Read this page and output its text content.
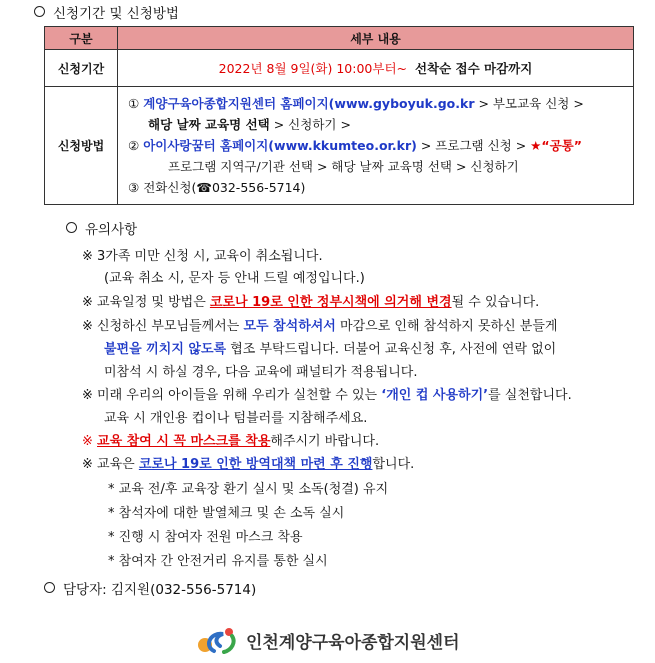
신청기간 및 신청방법
구분	세부 내용
신청기간	2022년 8월 9일(화) 10:00부터~ 선착순 접수 마감까지
신청방법	① 계양구육아종합지원센터 홈페이지(www.gyboyuk.go.kr > 부모교육 신청 >
해당 날짜 교육명 선택 > 신청하기 >
② 아이사랑꿈터 홈페이지(www.kkumteo.or.kr) > 프로그램 신청 > ★“공통”
프로그램 지역구/기관 선택 > 해당 날짜 교육명 선택 > 신청하기
③ 전화신청(☎032-556-5714)
유의사항
※ 3가족 미만 신청 시, 교육이 취소됩니다.
(교육 취소 시, 문자 등 안내 드릴 예정입니다.)
※ 교육일정 및 방법은 코로나 19로 인한 정부시책에 의거해 변경될 수 있습니다.
※ 신청하신 부모님들께서는 모두 참석하셔서 마감으로 인해 참석하지 못하신 분들게
불편을 끼치지 않도록 협조 부탁드립니다. 더불어 교육신청 후, 사전에 연락 없이
미참석 시 하실 경우, 다음 교육에 패널티가 적용됩니다.
※ 미래 우리의 아이들을 위해 우리가 실천할 수 있는 ‘개인 컵 사용하기’를 실천합니다.
교육 시 개인용 컵이나 텀블러를 지참해주세요.
※ 교육 참여 시 꼭 마스크를 착용해주시기 바랍니다.
※ 교육은 코로나 19로 인한 방역대책 마련 후 진행합니다.
* 교육 전/후 교육장 환기 실시 및 소독(청결) 유지
* 참석자에 대한 발열체크 및 손 소독 실시
* 진행 시 참여자 전원 마스크 착용
* 참여자 간 안전거리 유지를 통한 실시
담당자: 김지원(032-556-5714)
인천계양구육아종합지원센터
